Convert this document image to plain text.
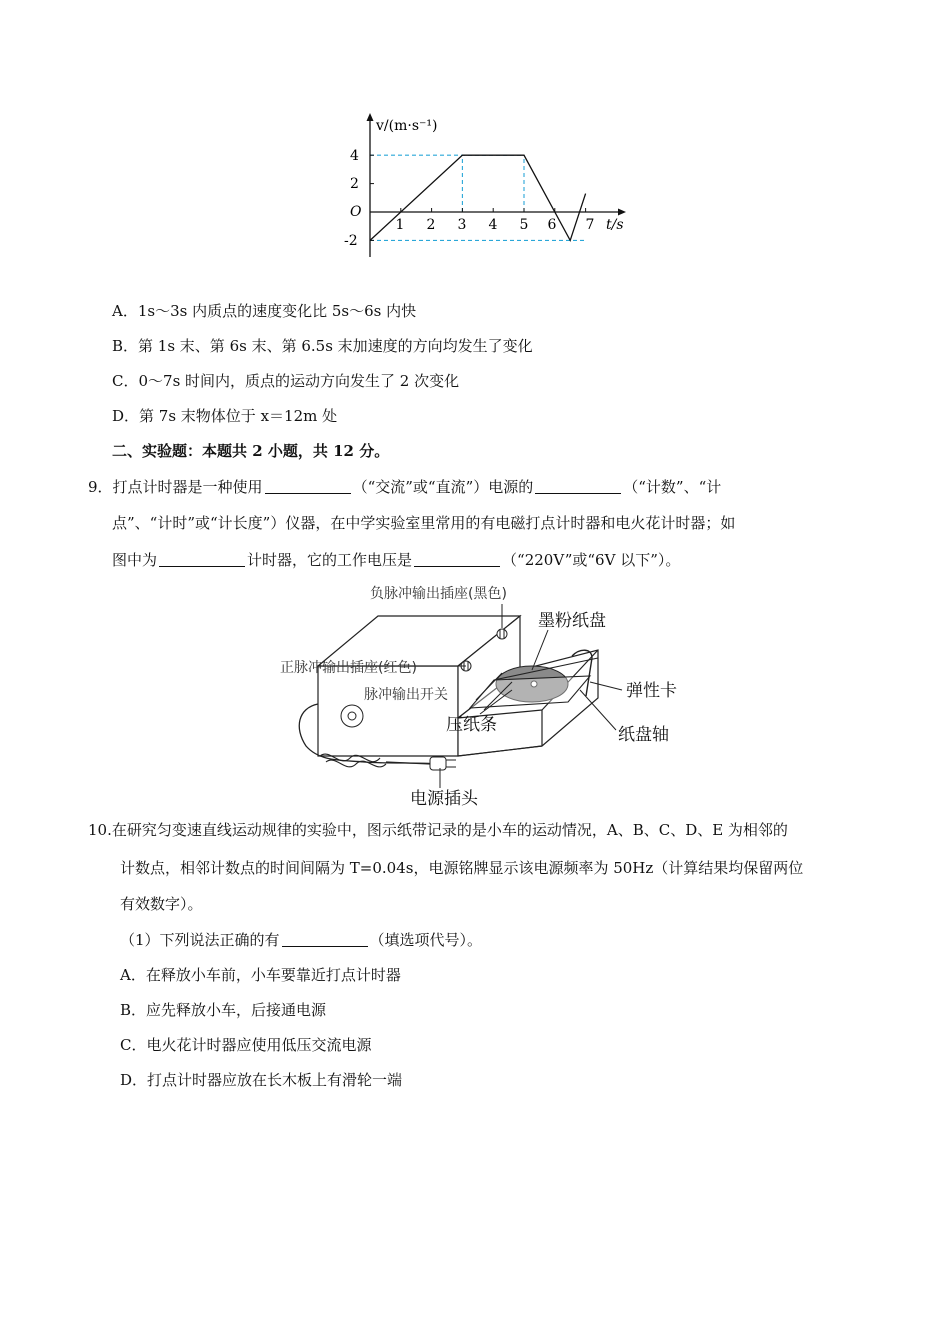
v/(m·s⁻¹)
t/s
O
1 2 3 4 5 6 7
4
2
-2
A．1s～3s 内质点的速度变化比 5s～6s 内快
B．第 1s 末、第 6s 末、第 6.5s 末加速度的方向均发生了变化
C．0～7s 时间内，质点的运动方向发生了 2 次变化
D．第 7s 末物体位于 x＝12m 处
二、实验题：本题共 2 小题，共 12 分。
9．打点计时器是一种使用	（“交流”或“直流”）电源的	（“计数”、“计
点”、“计时”或“计长度”）仪器，在中学实验室里常用的有电磁打点计时器和电火花计时器；如
图中为	计时器，它的工作电压是	（“220V”或“6V 以下”）。
负脉冲输出插座(黑色)
正脉冲输出插座(红色)
脉冲输出开关
墨粉纸盘
弹性卡
压纸条	纸盘轴
电源插头
10.在研究匀变速直线运动规律的实验中，图示纸带记录的是小车的运动情况，A、B、C、D、E 为相邻的
计数点，相邻计数点的时间间隔为 T=0.04s，电源铭牌显示该电源频率为 50Hz（计算结果均保留两位
有效数字）。
（1）下列说法正确的有	（填选项代号）。
A．在释放小车前，小车要靠近打点计时器
B．应先释放小车，后接通电源
C．电火花计时器应使用低压交流电源
D．打点计时器应放在长木板上有滑轮一端
